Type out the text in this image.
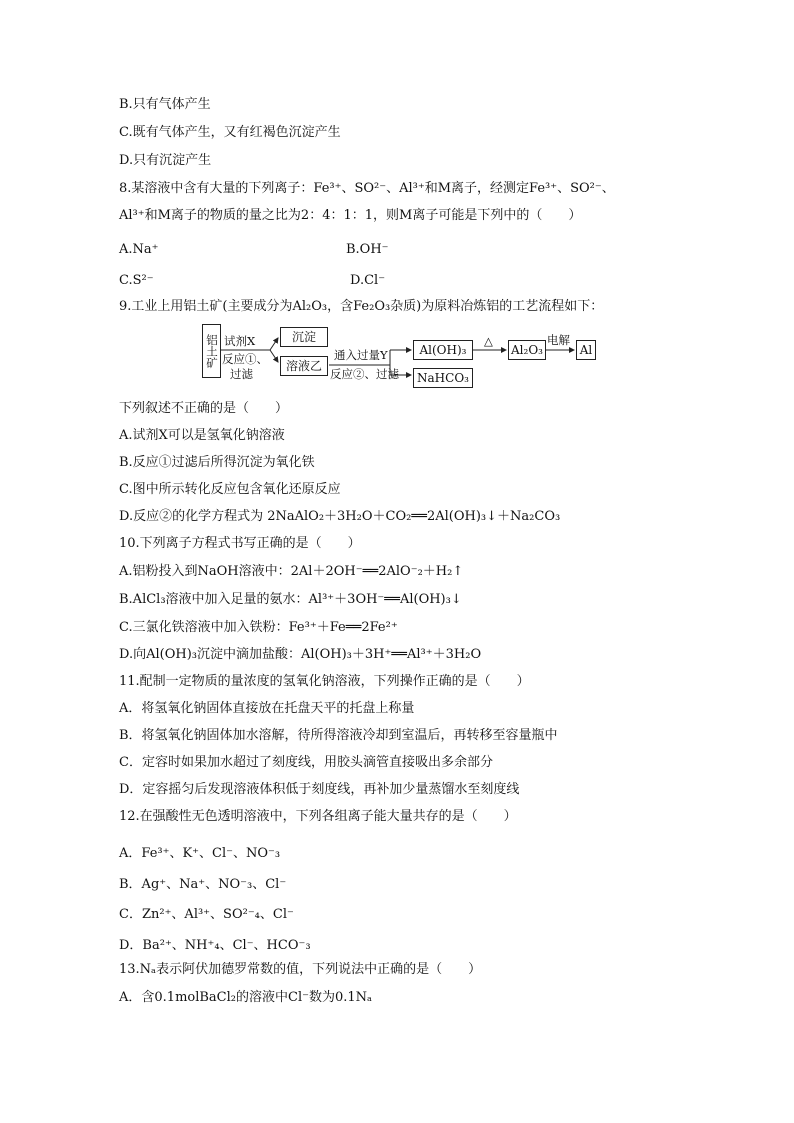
B.只有气体产生
C.既有气体产生，又有红褐色沉淀产生
D.只有沉淀产生
8.某溶液中含有大量的下列离子：Fe³⁺、SO²⁻、Al³⁺和M离子，经测定Fe³⁺、SO²⁻、
Al³⁺和M离子的物质的量之比为2：4：1：1，则M离子可能是下列中的（　　）
A.Na⁺	B.OH⁻
C.S²⁻	D.Cl⁻
9.工业上用铝土矿(主要成分为Al₂O₃，含Fe₂O₃杂质)为原料冶炼铝的工艺流程如下：
铝土矿 试剂X
反应①、
过滤
沉淀
溶液乙
通入过量Y
反应②、过滤
Al(OH)₃
NaHCO₃
△
Al₂O₃
电解
Al
下列叙述不正确的是（　　）
A.试剂X可以是氢氧化钠溶液
B.反应①过滤后所得沉淀为氧化铁
C.图中所示转化反应包含氧化还原反应
D.反应②的化学方程式为 2NaAlO₂＋3H₂O＋CO₂══2Al(OH)₃↓＋Na₂CO₃
10.下列离子方程式书写正确的是（　　）
A.铝粉投入到NaOH溶液中：2Al＋2OH⁻══2AlO⁻₂＋H₂↑
B.AlCl₃溶液中加入足量的氨水：Al³⁺＋3OH⁻══Al(OH)₃↓
C.三氯化铁溶液中加入铁粉：Fe³⁺＋Fe══2Fe²⁺
D.向Al(OH)₃沉淀中滴加盐酸：Al(OH)₃＋3H⁺══Al³⁺＋3H₂O
11.配制一定物质的量浓度的氢氧化钠溶液，下列操作正确的是（　　）
A．将氢氧化钠固体直接放在托盘天平的托盘上称量
B．将氢氧化钠固体加水溶解，待所得溶液冷却到室温后，再转移至容量瓶中
C．定容时如果加水超过了刻度线，用胶头滴管直接吸出多余部分
D．定容摇匀后发现溶液体积低于刻度线，再补加少量蒸馏水至刻度线
12.在强酸性无色透明溶液中，下列各组离子能大量共存的是（　　）
A．Fe³⁺、K⁺、Cl⁻、NO⁻₃
B．Ag⁺、Na⁺、NO⁻₃、Cl⁻
C．Zn²⁺、Al³⁺、SO²⁻₄、Cl⁻
D．Ba²⁺、NH⁺₄、Cl⁻、HCO⁻₃
13.Nₐ表示阿伏加德罗常数的值，下列说法中正确的是（　　）
A．含0.1molBaCl₂的溶液中Cl⁻数为0.1Nₐ
